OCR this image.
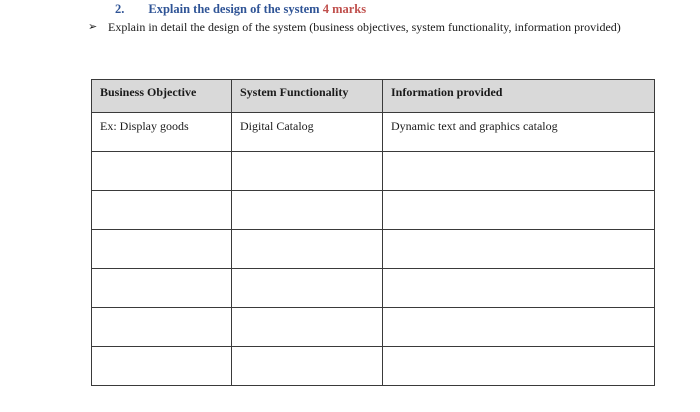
2. Explain the design of the system 4 marks
➢ Explain in detail the design of the system (business objectives, system functionality, information provided)
Business Objective	System Functionality	Information provided
Ex: Display goods	Digital Catalog	Dynamic text and graphics catalog
